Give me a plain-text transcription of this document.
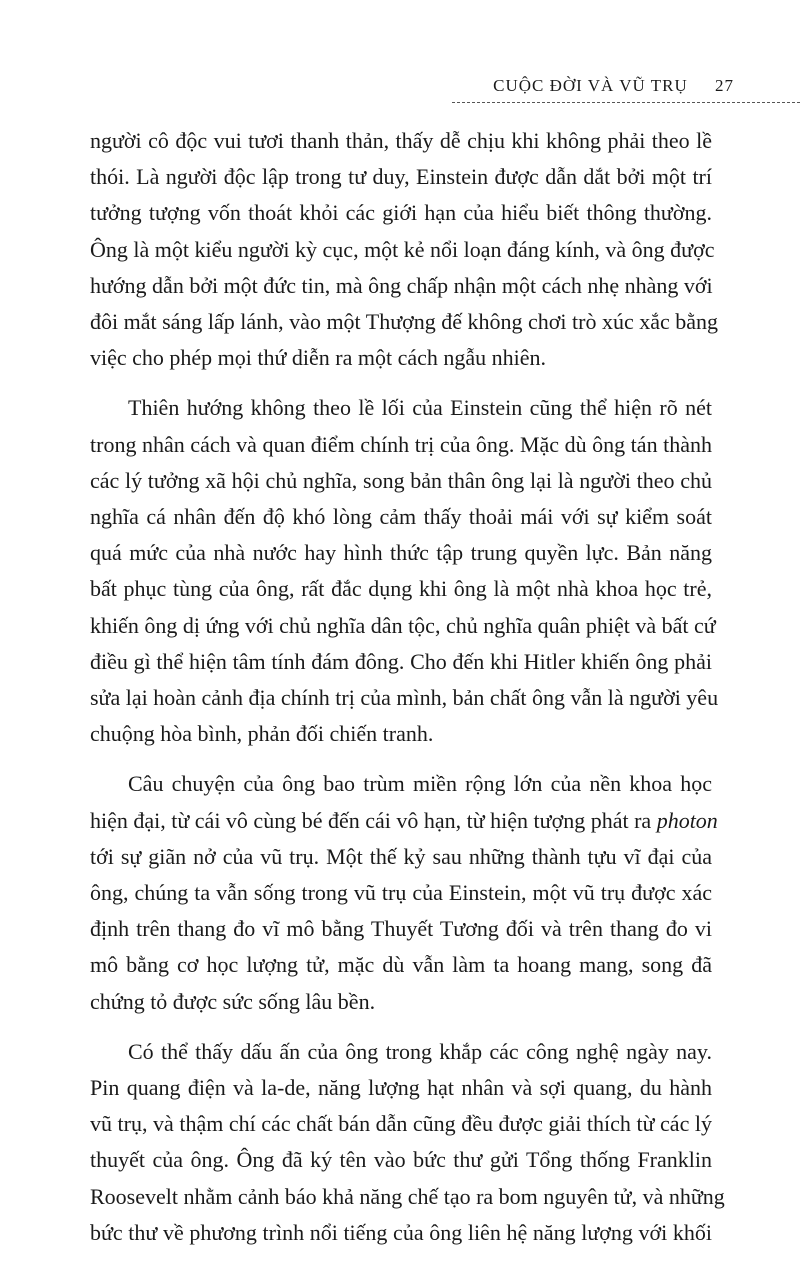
CUỘC ĐỜI VÀ VŨ TRỤ 27

người cô độc vui tươi thanh thản, thấy dễ chịu khi không phải theo lề
thói. Là người độc lập trong tư duy, Einstein được dẫn dắt bởi một trí
tưởng tượng vốn thoát khỏi các giới hạn của hiểu biết thông thường.
Ông là một kiểu người kỳ cục, một kẻ nổi loạn đáng kính, và ông được
hướng dẫn bởi một đức tin, mà ông chấp nhận một cách nhẹ nhàng với
đôi mắt sáng lấp lánh, vào một Thượng đế không chơi trò xúc xắc bằng
việc cho phép mọi thứ diễn ra một cách ngẫu nhiên.

Thiên hướng không theo lề lối của Einstein cũng thể hiện rõ nét
trong nhân cách và quan điểm chính trị của ông. Mặc dù ông tán thành
các lý tưởng xã hội chủ nghĩa, song bản thân ông lại là người theo chủ
nghĩa cá nhân đến độ khó lòng cảm thấy thoải mái với sự kiểm soát
quá mức của nhà nước hay hình thức tập trung quyền lực. Bản năng
bất phục tùng của ông, rất đắc dụng khi ông là một nhà khoa học trẻ,
khiến ông dị ứng với chủ nghĩa dân tộc, chủ nghĩa quân phiệt và bất cứ
điều gì thể hiện tâm tính đám đông. Cho đến khi Hitler khiến ông phải
sửa lại hoàn cảnh địa chính trị của mình, bản chất ông vẫn là người yêu
chuộng hòa bình, phản đối chiến tranh.

Câu chuyện của ông bao trùm miền rộng lớn của nền khoa học
hiện đại, từ cái vô cùng bé đến cái vô hạn, từ hiện tượng phát ra photon
tới sự giãn nở của vũ trụ. Một thế kỷ sau những thành tựu vĩ đại của
ông, chúng ta vẫn sống trong vũ trụ của Einstein, một vũ trụ được xác
định trên thang đo vĩ mô bằng Thuyết Tương đối và trên thang đo vi
mô bằng cơ học lượng tử, mặc dù vẫn làm ta hoang mang, song đã
chứng tỏ được sức sống lâu bền.

Có thể thấy dấu ấn của ông trong khắp các công nghệ ngày nay.
Pin quang điện và la-de, năng lượng hạt nhân và sợi quang, du hành
vũ trụ, và thậm chí các chất bán dẫn cũng đều được giải thích từ các lý
thuyết của ông. Ông đã ký tên vào bức thư gửi Tổng thống Franklin
Roosevelt nhằm cảnh báo khả năng chế tạo ra bom nguyên tử, và những
bức thư về phương trình nổi tiếng của ông liên hệ năng lượng với khối
